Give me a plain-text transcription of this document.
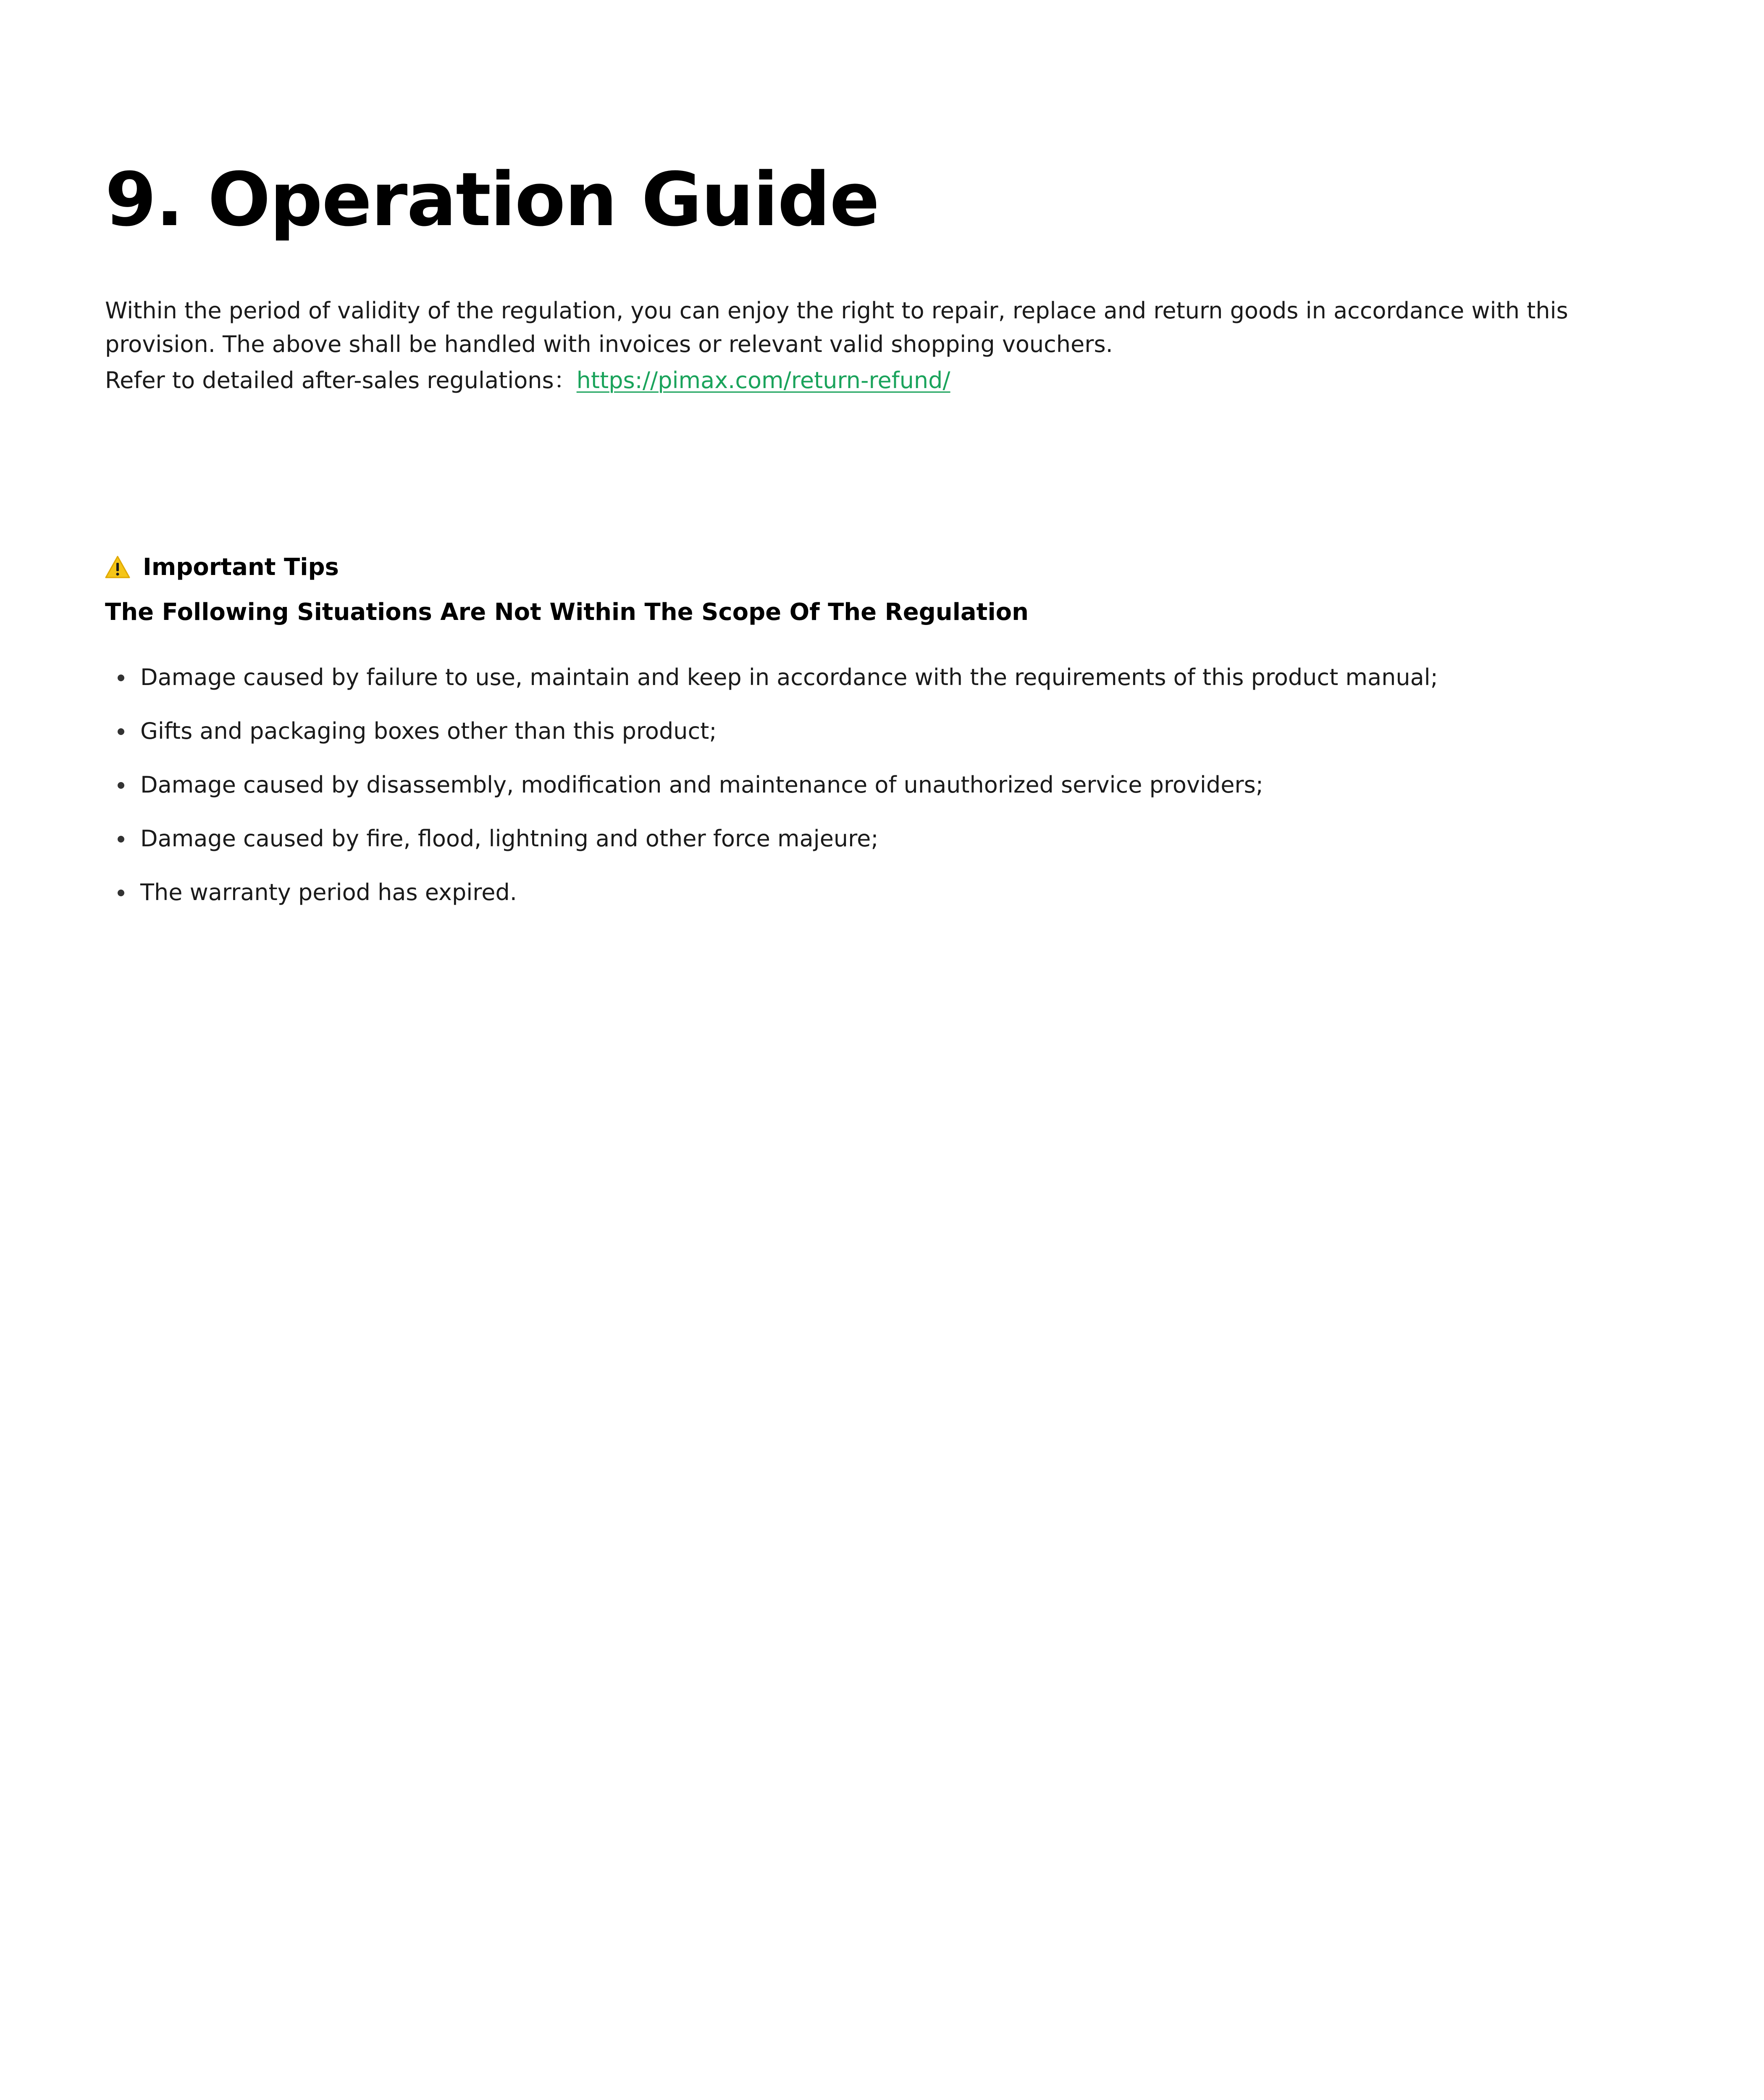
9. Operation Guide

Within the period of validity of the regulation, you can enjoy the right to repair, replace and return goods in accordance with this provision. The above shall be handled with invoices or relevant valid shopping vouchers.

Refer to detailed after-sales regulations：https://pimax.com/return-refund/

Important Tips

The Following Situations Are Not Within The Scope Of The Regulation

Damage caused by failure to use, maintain and keep in accordance with the requirements of this product manual;
Gifts and packaging boxes other than this product;
Damage caused by disassembly, modification and maintenance of unauthorized service providers;
Damage caused by fire, flood, lightning and other force majeure;
The warranty period has expired.
